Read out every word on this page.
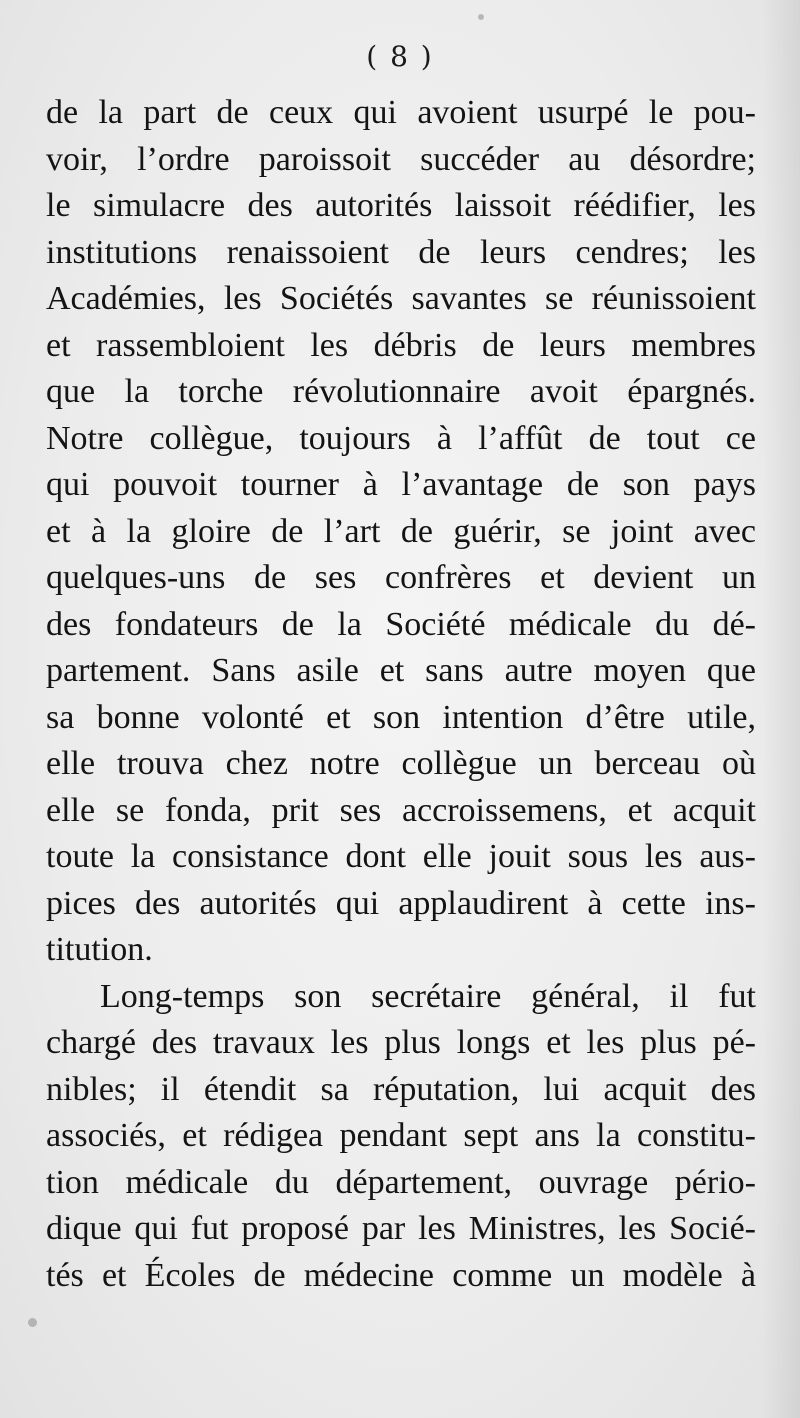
( 8 )
de la part de ceux qui avoient usurpé le pou-
voir, l’ordre paroissoit succéder au désordre;
le simulacre des autorités laissoit réédifier, les
institutions renaissoient de leurs cendres; les
Académies, les Sociétés savantes se réunissoient
et rassembloient les débris de leurs membres
que la torche révolutionnaire avoit épargnés.
Notre collègue, toujours à l’affût de tout ce
qui pouvoit tourner à l’avantage de son pays
et à la gloire de l’art de guérir, se joint avec
quelques-uns de ses confrères et devient un
des fondateurs de la Société médicale du dé-
partement. Sans asile et sans autre moyen que
sa bonne volonté et son intention d’être utile,
elle trouva chez notre collègue un berceau où
elle se fonda, prit ses accroissemens, et acquit
toute la consistance dont elle jouit sous les aus-
pices des autorités qui applaudirent à cette ins-
titution.
Long-temps son secrétaire général, il fut
chargé des travaux les plus longs et les plus pé-
nibles; il étendit sa réputation, lui acquit des
associés, et rédigea pendant sept ans la constitu-
tion médicale du département, ouvrage pério-
dique qui fut proposé par les Ministres, les Socié-
tés et Écoles de médecine comme un modèle à
